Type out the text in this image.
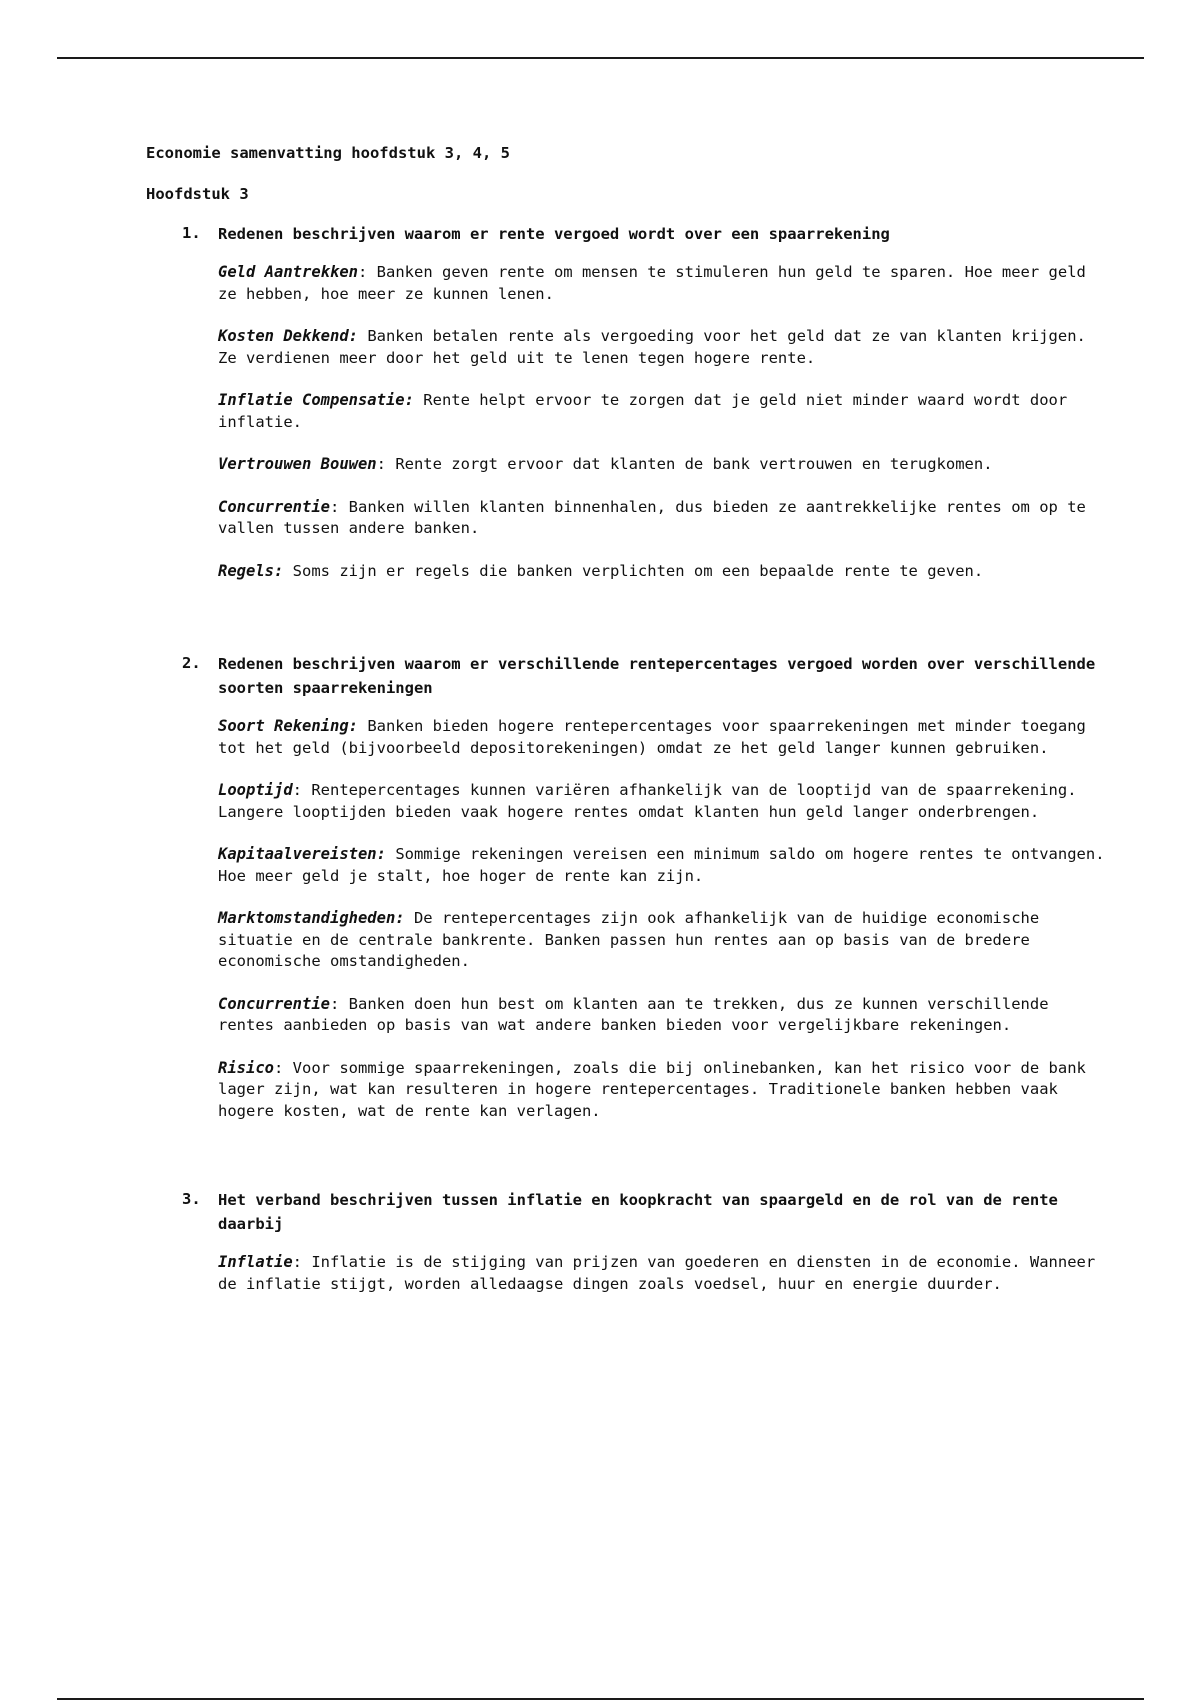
Economie samenvatting hoofdstuk 3, 4, 5
Hoofdstuk 3
1. Redenen beschrijven waarom er rente vergoed wordt over een spaarrekening

Geld Aantrekken: Banken geven rente om mensen te stimuleren hun geld te sparen. Hoe meer geld ze hebben, hoe meer ze kunnen lenen.

Kosten Dekkend: Banken betalen rente als vergoeding voor het geld dat ze van klanten krijgen. Ze verdienen meer door het geld uit te lenen tegen hogere rente.

Inflatie Compensatie: Rente helpt ervoor te zorgen dat je geld niet minder waard wordt door inflatie.

Vertrouwen Bouwen: Rente zorgt ervoor dat klanten de bank vertrouwen en terugkomen.

Concurrentie: Banken willen klanten binnenhalen, dus bieden ze aantrekkelijke rentes om op te vallen tussen andere banken.

Regels: Soms zijn er regels die banken verplichten om een bepaalde rente te geven.

2. Redenen beschrijven waarom er verschillende rentepercentages vergoed worden over verschillende soorten spaarrekeningen

Soort Rekening: Banken bieden hogere rentepercentages voor spaarrekeningen met minder toegang tot het geld (bijvoorbeeld depositorekeningen) omdat ze het geld langer kunnen gebruiken.

Looptijd: Rentepercentages kunnen variëren afhankelijk van de looptijd van de spaarrekening. Langere looptijden bieden vaak hogere rentes omdat klanten hun geld langer onderbrengen.

Kapitaalvereisten: Sommige rekeningen vereisen een minimum saldo om hogere rentes te ontvangen. Hoe meer geld je stalt, hoe hoger de rente kan zijn.

Marktomstandigheden: De rentepercentages zijn ook afhankelijk van de huidige economische situatie en de centrale bankrente. Banken passen hun rentes aan op basis van de bredere economische omstandigheden.

Concurrentie: Banken doen hun best om klanten aan te trekken, dus ze kunnen verschillende rentes aanbieden op basis van wat andere banken bieden voor vergelijkbare rekeningen.

Risico: Voor sommige spaarrekeningen, zoals die bij onlinebanken, kan het risico voor de bank lager zijn, wat kan resulteren in hogere rentepercentages. Traditionele banken hebben vaak hogere kosten, wat de rente kan verlagen.

3. Het verband beschrijven tussen inflatie en koopkracht van spaargeld en de rol van de rente daarbij

Inflatie: Inflatie is de stijging van prijzen van goederen en diensten in de economie. Wanneer de inflatie stijgt, worden alledaagse dingen zoals voedsel, huur en energie duurder.
